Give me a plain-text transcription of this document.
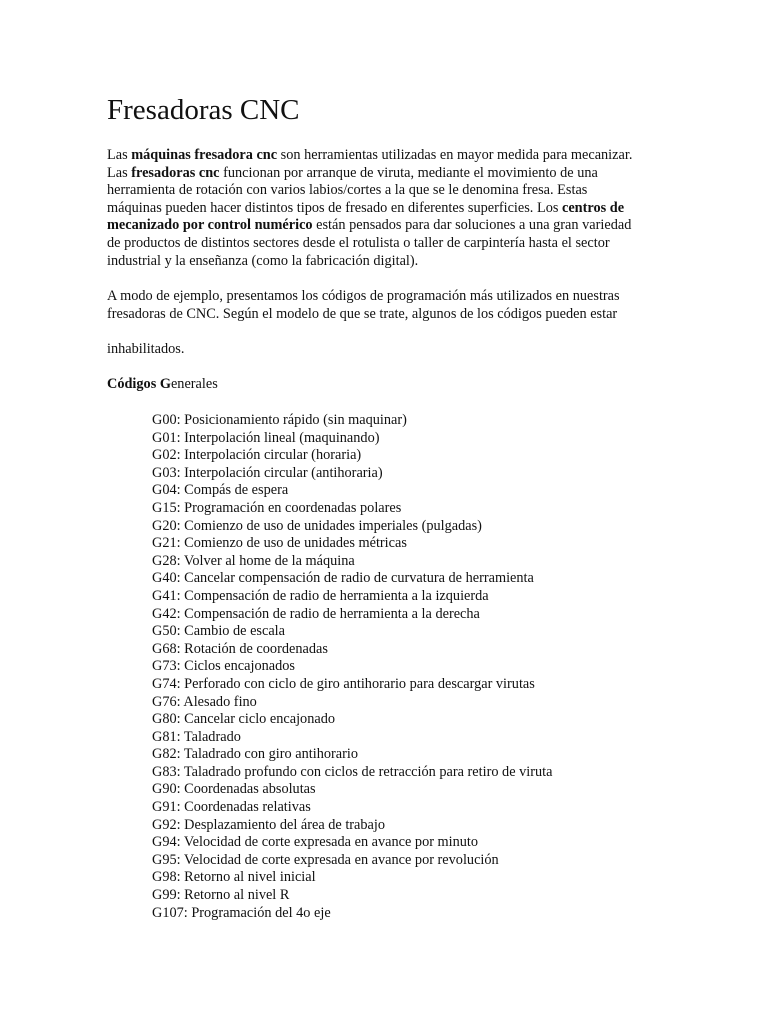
Fresadoras CNC

Las máquinas fresadora cnc son herramientas utilizadas en mayor medida para mecanizar.
Las fresadoras cnc funcionan por arranque de viruta, mediante el movimiento de una
herramienta de rotación con varios labios/cortes a la que se le denomina fresa. Estas
máquinas pueden hacer distintos tipos de fresado en diferentes superficies. Los centros de
mecanizado por control numérico están pensados para dar soluciones a una gran variedad
de productos de distintos sectores desde el rotulista o taller de carpintería hasta el sector
industrial y la enseñanza (como la fabricación digital).

A modo de ejemplo, presentamos los códigos de programación más utilizados en nuestras
fresadoras de CNC. Según el modelo de que se trate, algunos de los códigos pueden estar

inhabilitados.

Códigos Generales

G00: Posicionamiento rápido (sin maquinar)
G01: Interpolación lineal (maquinando)
G02: Interpolación circular (horaria)
G03: Interpolación circular (antihoraria)
G04: Compás de espera
G15: Programación en coordenadas polares
G20: Comienzo de uso de unidades imperiales (pulgadas)
G21: Comienzo de uso de unidades métricas
G28: Volver al home de la máquina
G40: Cancelar compensación de radio de curvatura de herramienta
G41: Compensación de radio de herramienta a la izquierda
G42: Compensación de radio de herramienta a la derecha
G50: Cambio de escala
G68: Rotación de coordenadas
G73: Ciclos encajonados
G74: Perforado con ciclo de giro antihorario para descargar virutas
G76: Alesado fino
G80: Cancelar ciclo encajonado
G81: Taladrado
G82: Taladrado con giro antihorario
G83: Taladrado profundo con ciclos de retracción para retiro de viruta
G90: Coordenadas absolutas
G91: Coordenadas relativas
G92: Desplazamiento del área de trabajo
G94: Velocidad de corte expresada en avance por minuto
G95: Velocidad de corte expresada en avance por revolución
G98: Retorno al nivel inicial
G99: Retorno al nivel R
G107: Programación del 4o eje
